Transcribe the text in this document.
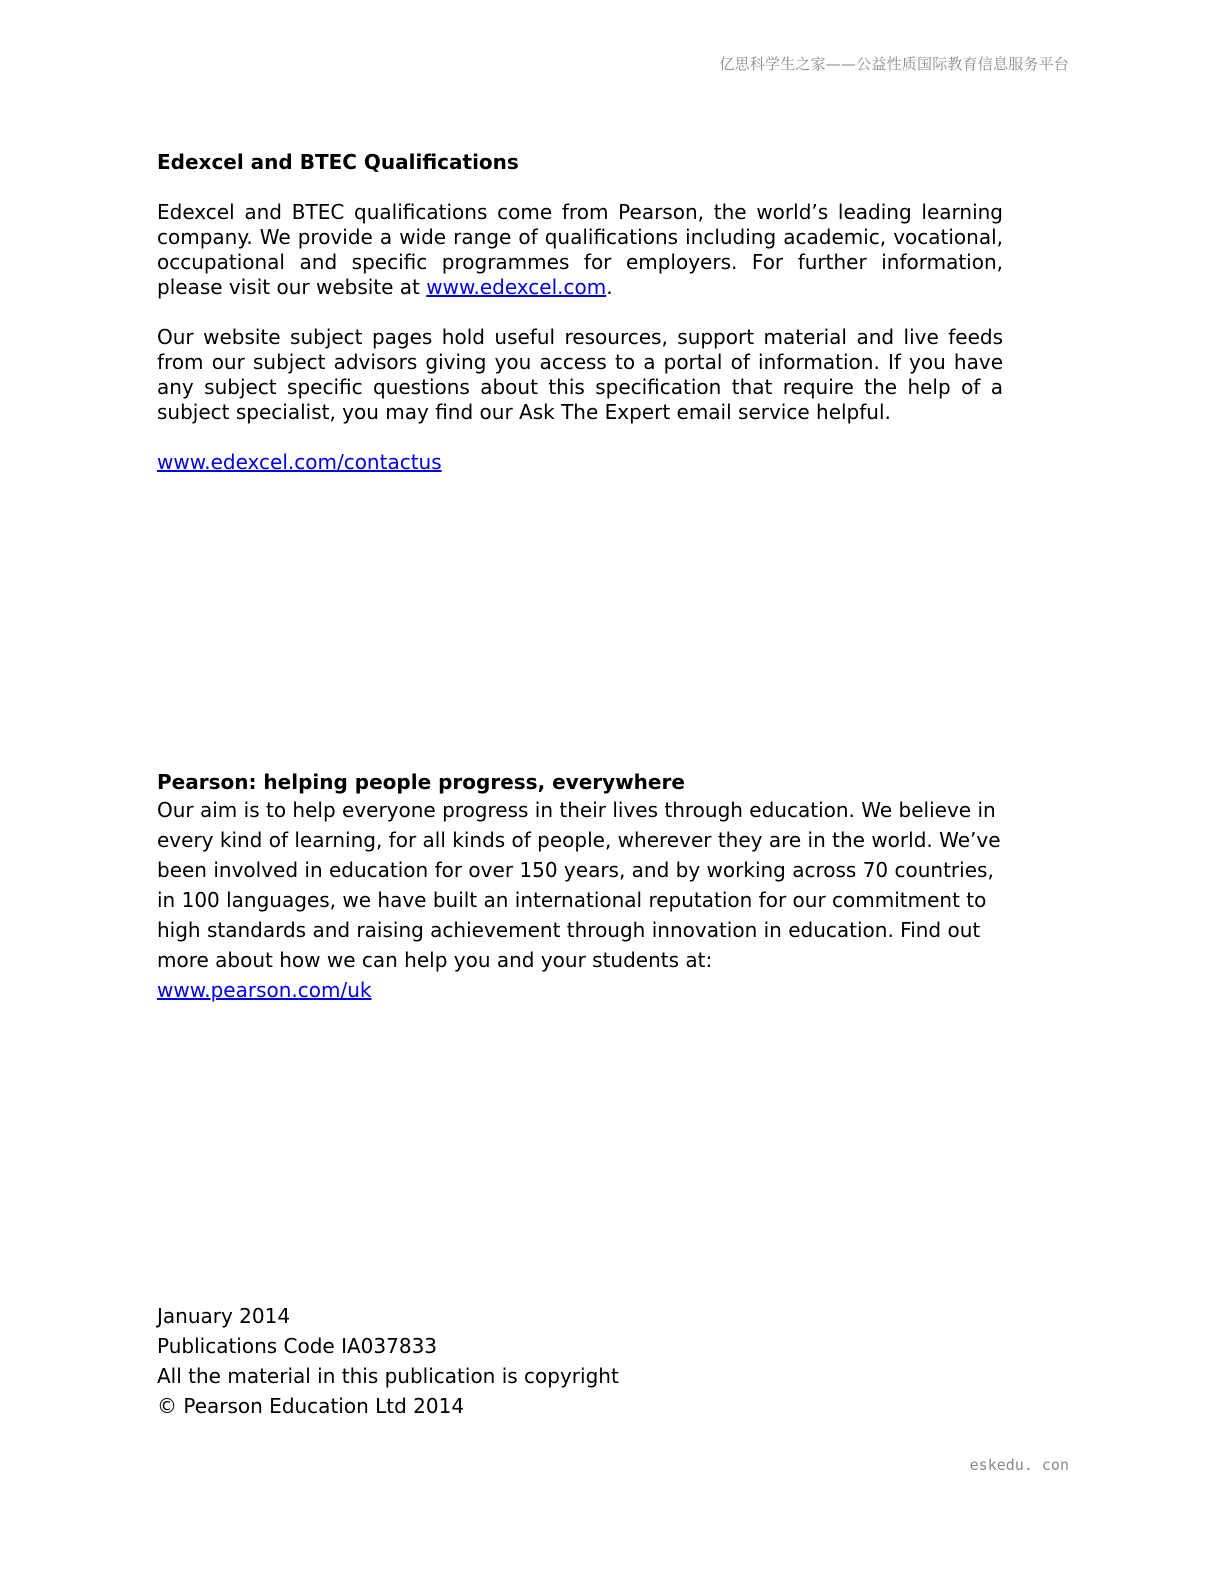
亿思科学生之家——公益性质国际教育信息服务平台
Edexcel and BTEC Qualifications

Edexcel and BTEC qualifications come from Pearson, the world’s leading learning company. We provide a wide range of qualifications including academic, vocational, occupational and specific programmes for employers. For further information, please visit our website at www.edexcel.com.

Our website subject pages hold useful resources, support material and live feeds from our subject advisors giving you access to a portal of information. If you have any subject specific questions about this specification that require the help of a subject specialist, you may find our Ask The Expert email service helpful.

www.edexcel.com/contactus
Pearson: helping people progress, everywhere

Our aim is to help everyone progress in their lives through education. We believe in every kind of learning, for all kinds of people, wherever they are in the world. We’ve been involved in education for over 150 years, and by working across 70 countries, in 100 languages, we have built an international reputation for our commitment to high standards and raising achievement through innovation in education. Find out more about how we can help you and your students at:

www.pearson.com/uk

January 2014

Publications Code IA037833

All the material in this publication is copyright

© Pearson Education Ltd 2014

eskedu. con
